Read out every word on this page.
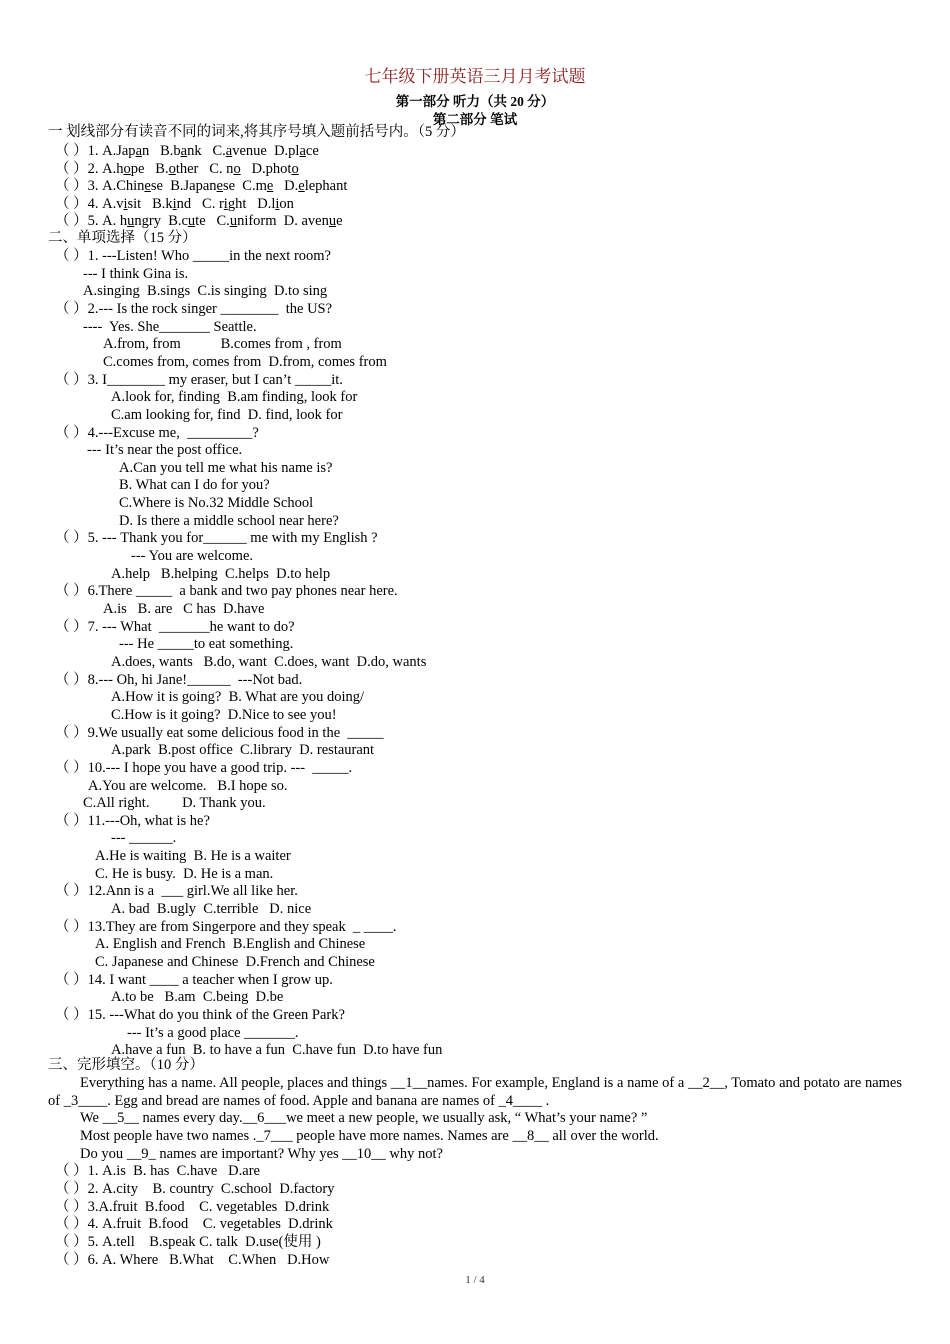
七年级下册英语三月月考试题
第一部分 听力（共 20 分）
第二部分 笔试
一 划线部分有读音不同的词来,将其序号填入题前括号内。（5 分）
（ ）1. A.Japan   B.bank   C.avenue  D.place
（ ）2. A.hope   B.other   C. no   D.photo
（ ）3. A.Chinese  B.Japanese  C.me   D.elephant
（ ）4. A.visit   B.kind   C. right   D.lion
（ ）5. A. hungry  B.cute   C.uniform  D. avenue
二、单项选择（15 分）
（ ）1. ---Listen! Who _____in the next room?
--- I think Gina is.
A.singing  B.sings  C.is singing  D.to sing
（ ）2.--- Is the rock singer ________  the US?
----  Yes. She_______ Seattle.
A.from, from           B.comes from , from
C.comes from, comes from  D.from, comes from
（ ）3. I________ my eraser, but I can’t _____it.
A.look for, finding  B.am finding, look for
C.am looking for, find  D. find, look for
（ ）4.---Excuse me,  _________?
--- It’s near the post office.
A.Can you tell me what his name is?
B. What can I do for you?
C.Where is No.32 Middle School
D. Is there a middle school near here?
（ ）5. --- Thank you for______ me with my English ?
--- You are welcome.
A.help   B.helping  C.helps  D.to help
（ ）6.There _____  a bank and two pay phones near here.
A.is   B. are   C has  D.have
（ ）7. --- What  _______he want to do?
--- He _____to eat something.
A.does, wants   B.do, want  C.does, want  D.do, wants
（ ）8.--- Oh, hi Jane!______  ---Not bad.
A.How it is going?  B. What are you doing/
C.How is it going?  D.Nice to see you!
（ ）9.We usually eat some delicious food in the  _____
A.park  B.post office  C.library  D. restaurant
（ ）10.--- I hope you have a good trip. ---  _____.
A.You are welcome.   B.I hope so.
C.All right.         D. Thank you.
（ ）11.---Oh, what is he?
--- ______.
A.He is waiting  B. He is a waiter
C. He is busy.  D. He is a man.
（ ）12.Ann is a  ___ girl.We all like her.
A. bad  B.ugly  C.terrible   D. nice
（ ）13.They are from Singerpore and they speak  _ ____.
A. English and French  B.English and Chinese
C. Japanese and Chinese  D.French and Chinese
（ ）14. I want ____ a teacher when I grow up.
A.to be   B.am  C.being  D.be
（ ）15. ---What do you think of the Green Park?
--- It’s a good place _______.
A.have a fun  B. to have a fun  C.have fun  D.to have fun
三、完形填空。（10 分）
Everything has a name. All people, places and things __1__names. For example, England is a name of a __2__, Tomato and potato are names of _3____. Egg and bread are names of food. Apple and banana are names of _4____ .
We __5__ names every day.__6___we meet a new people, we usually ask, “ What’s your name? ”
Most people have two names ._7___ people have more names. Names are __8__ all over the world.
Do you __9_ names are important? Why yes __10__ why not?
（ ）1. A.is  B. has  C.have   D.are
（ ）2. A.city    B. country  C.school  D.factory
（ ）3.A.fruit  B.food    C. vegetables  D.drink
（ ）4. A.fruit  B.food    C. vegetables  D.drink
（ ）5. A.tell    B.speak C. talk  D.use(使用 )
（ ）6. A. Where   B.What    C.When   D.How
1 / 4
